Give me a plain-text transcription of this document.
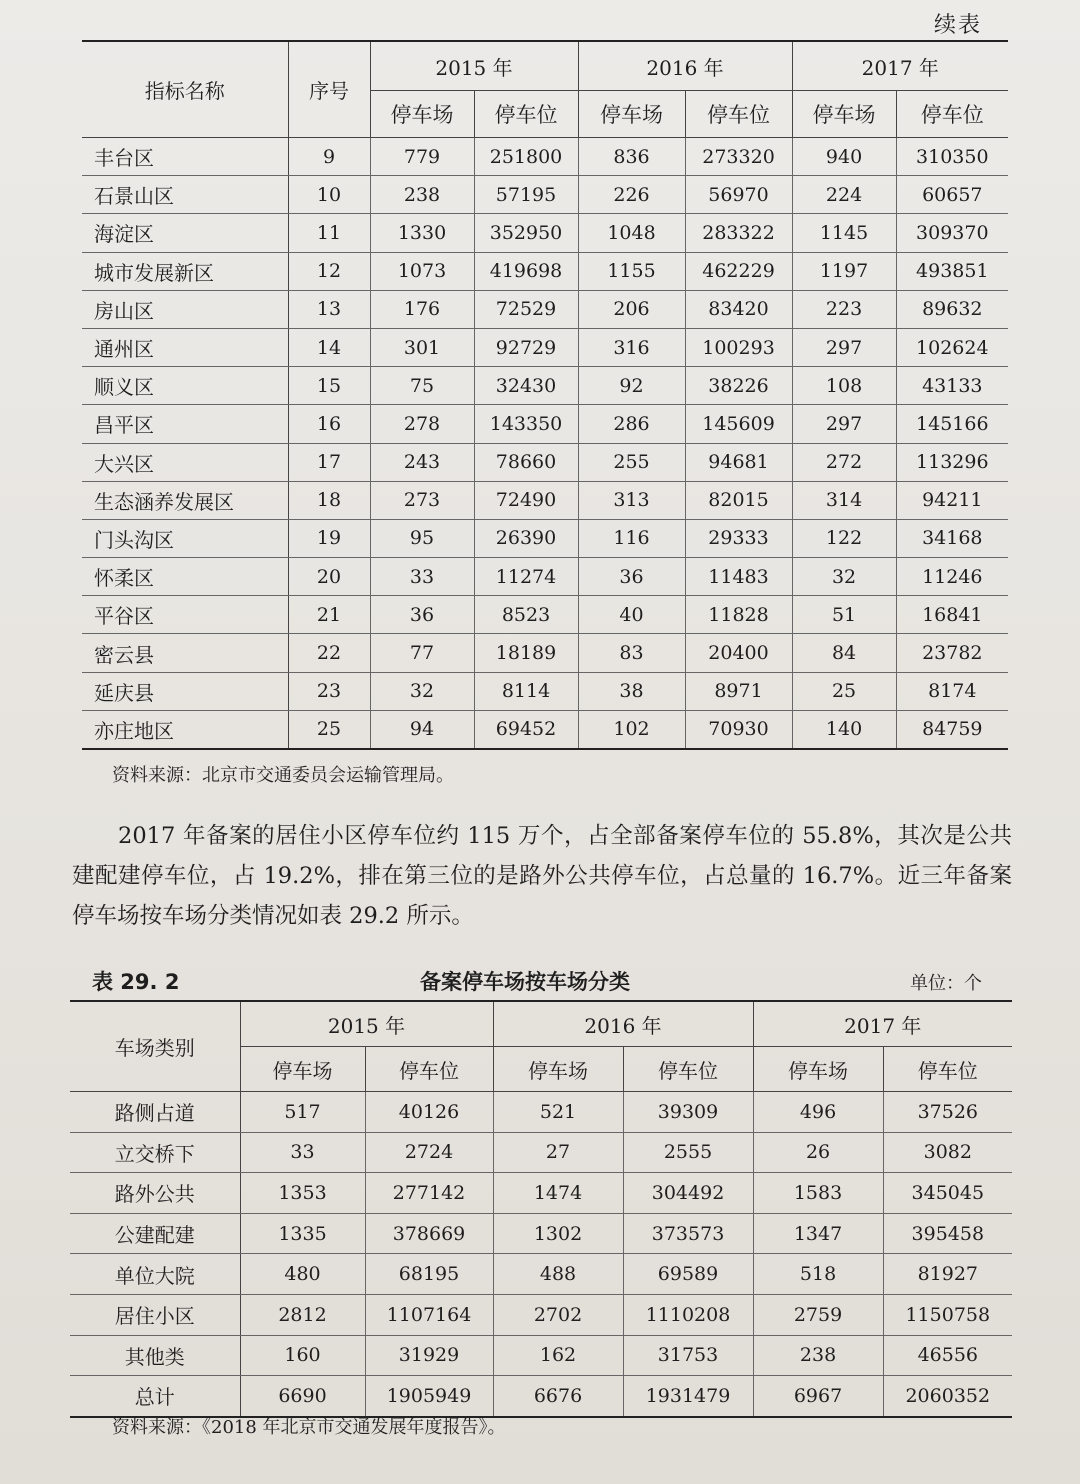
续表
指标名称	序号	2015 年		2016 年		2017 年	
		停车场	停车位	停车场	停车位	停车场	停车位
丰台区	9	779	251800	836	273320	940	310350
石景山区	10	238	57195	226	56970	224	60657
海淀区	11	1330	352950	1048	283322	1145	309370
城市发展新区	12	1073	419698	1155	462229	1197	493851
房山区	13	176	72529	206	83420	223	89632
通州区	14	301	92729	316	100293	297	102624
顺义区	15	75	32430	92	38226	108	43133
昌平区	16	278	143350	286	145609	297	145166
大兴区	17	243	78660	255	94681	272	113296
生态涵养发展区	18	273	72490	313	82015	314	94211
门头沟区	19	95	26390	116	29333	122	34168
怀柔区	20	33	11274	36	11483	32	11246
平谷区	21	36	8523	40	11828	51	16841
密云县	22	77	18189	83	20400	84	23782
延庆县	23	32	8114	38	8971	25	8174
亦庄地区	25	94	69452	102	70930	140	84759
资料来源：北京市交通委员会运输管理局。
2017 年备案的居住小区停车位约 115 万个，占全部备案停车位的 55.8%，其次是公共建配建停车位，占 19.2%，排在第三位的是路外公共停车位，占总量的 16.7%。近三年备案停车场按车场分类情况如表 29.2 所示。
表 29. 2	备案停车场按车场分类	单位：个
车场类别	2015 年		2016 年		2017 年	
	停车场	停车位	停车场	停车位	停车场	停车位
路侧占道	517	40126	521	39309	496	37526
立交桥下	33	2724	27	2555	26	3082
路外公共	1353	277142	1474	304492	1583	345045
公建配建	1335	378669	1302	373573	1347	395458
单位大院	480	68195	488	69589	518	81927
居住小区	2812	1107164	2702	1110208	2759	1150758
其他类	160	31929	162	31753	238	46556
总计	6690	1905949	6676	1931479	6967	2060352
资料来源：《2018 年北京市交通发展年度报告》。
